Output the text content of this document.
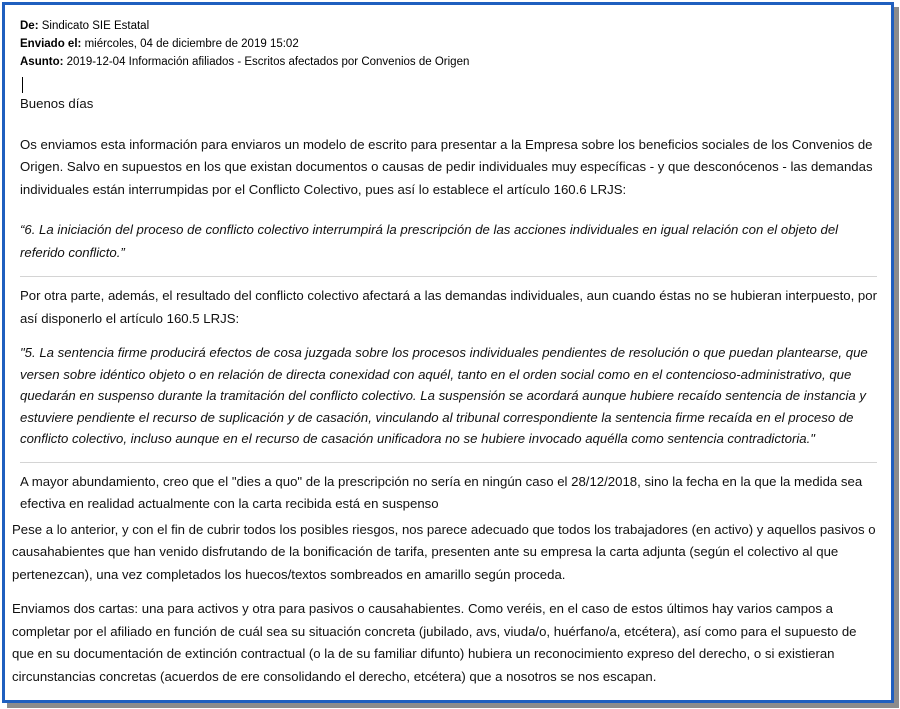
De: Sindicato SIE Estatal
Enviado el: miércoles, 04 de diciembre de 2019 15:02
Asunto: 2019-12-04 Información afiliados - Escritos afectados por Convenios de Origen

Buenos días

Os enviamos esta información para enviaros un modelo de escrito para presentar a la Empresa sobre los beneficios sociales de los Convenios de Origen. Salvo en supuestos en los que existan documentos o causas de pedir individuales muy específicas - y que desconócenos - las demandas individuales están interrumpidas por el Conflicto Colectivo, pues así lo establece el artículo 160.6 LRJS:

“6. La iniciación del proceso de conflicto colectivo interrumpirá la prescripción de las acciones individuales en igual relación con el objeto del referido conflicto.”

Por otra parte, además, el resultado del conflicto colectivo afectará a las demandas individuales, aun cuando éstas no se hubieran interpuesto, por así disponerlo el artículo 160.5 LRJS:

"5. La sentencia firme producirá efectos de cosa juzgada sobre los procesos individuales pendientes de resolución o que puedan plantearse, que versen sobre idéntico objeto o en relación de directa conexidad con aquél, tanto en el orden social como en el contencioso-administrativo, que quedarán en suspenso durante la tramitación del conflicto colectivo. La suspensión se acordará aunque hubiere recaído sentencia de instancia y estuviere pendiente el recurso de suplicación y de casación, vinculando al tribunal correspondiente la sentencia firme recaída en el proceso de conflicto colectivo, incluso aunque en el recurso de casación unificadora no se hubiere invocado aquélla como sentencia contradictoria."

A mayor abundamiento, creo que el "dies a quo" de la prescripción no sería en ningún caso el 28/12/2018, sino la fecha en la que la medida sea efectiva en realidad actualmente con la carta recibida está en suspenso

Pese a lo anterior, y con el fin de cubrir todos los posibles riesgos, nos parece adecuado que todos los trabajadores (en activo) y aquellos pasivos o causahabientes que han venido disfrutando de la bonificación de tarifa, presenten ante su empresa la carta adjunta (según el colectivo al que pertenezcan), una vez completados los huecos/textos sombreados en amarillo según proceda.

Enviamos dos cartas: una para activos y otra para pasivos o causahabientes. Como veréis, en el caso de estos últimos hay varios campos a completar por el afiliado en función de cuál sea su situación concreta (jubilado, avs, viuda/o, huérfano/a, etcétera), así como para el supuesto de que en su documentación de extinción contractual (o la de su familiar difunto) hubiera un reconocimiento expreso del derecho, o si existieran circunstancias concretas (acuerdos de ere consolidando el derecho, etcétera) que a nosotros se nos escapan.
